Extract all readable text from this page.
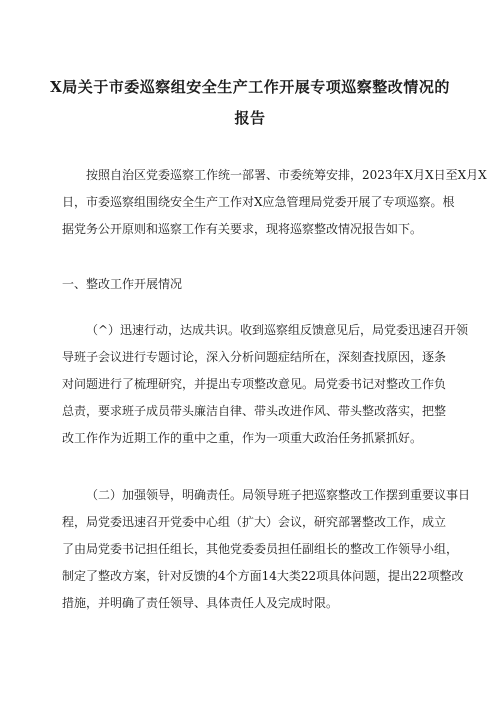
X局关于市委巡察组安全生产工作开展专项巡察整改情况的
报告

按照自治区党委巡察工作统一部署、市委统筹安排，2023年X月X日至X月X
日，市委巡察组围绕安全生产工作对X应急管理局党委开展了专项巡察。根
据党务公开原则和巡察工作有关要求，现将巡察整改情况报告如下。

一、整改工作开展情况

（^）迅速行动，达成共识。收到巡察组反馈意见后，局党委迅速召开领
导班子会议进行专题讨论，深入分析问题症结所在，深刻查找原因，逐条
对问题进行了梳理研究，并提出专项整改意见。局党委书记对整改工作负
总责，要求班子成员带头廉洁自律、带头改进作风、带头整改落实，把整
改工作作为近期工作的重中之重，作为一项重大政治任务抓紧抓好。

（二）加强领导，明确责任。局领导班子把巡察整改工作摆到重要议事日
程，局党委迅速召开党委中心组（扩大）会议，研究部署整改工作，成立
了由局党委书记担任组长，其他党委委员担任副组长的整改工作领导小组，
制定了整改方案，针对反馈的4个方面14大类22项具体问题，提出22项整改
措施，并明确了责任领导、具体责任人及完成时限。
